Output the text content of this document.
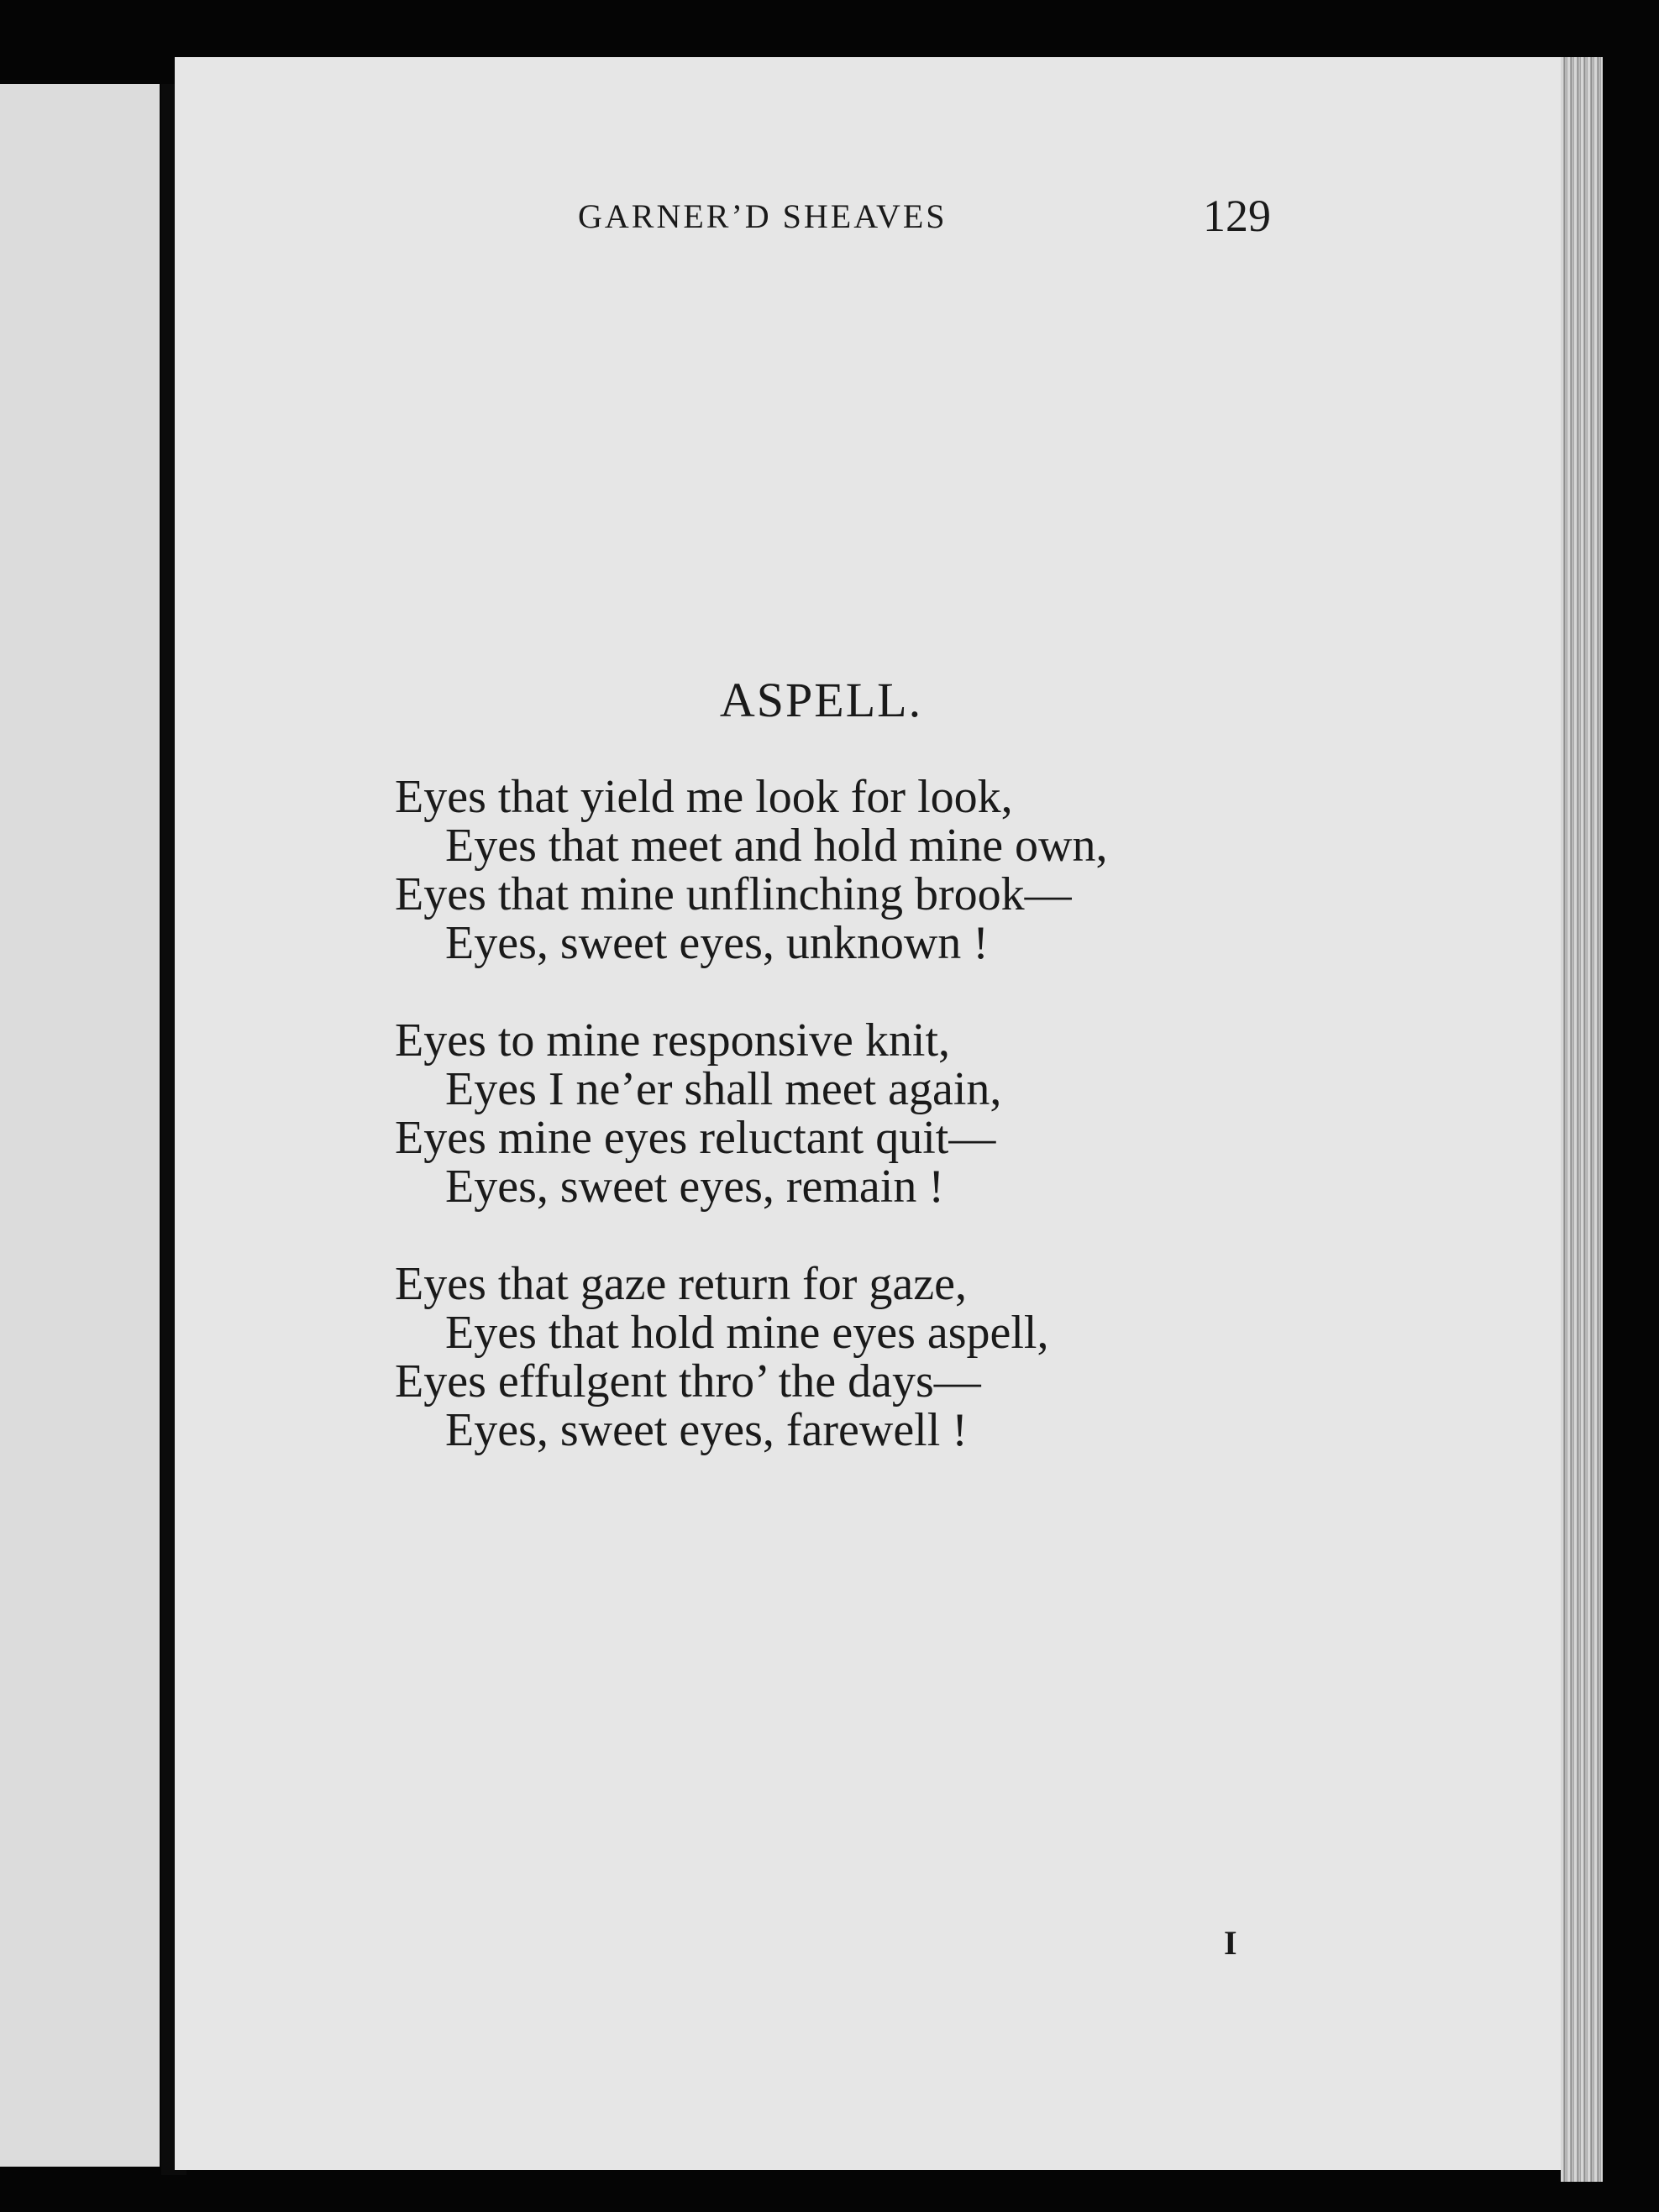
GARNER’D SHEAVES	129
ASPELL.
Eyes that yield me look for look,
Eyes that meet and hold mine own,
Eyes that mine unflinching brook—
Eyes, sweet eyes, unknown !
Eyes to mine responsive knit,
Eyes I ne’er shall meet again,
Eyes mine eyes reluctant quit—
Eyes, sweet eyes, remain !
Eyes that gaze return for gaze,
Eyes that hold mine eyes aspell,
Eyes effulgent thro’ the days—
Eyes, sweet eyes, farewell !
I
